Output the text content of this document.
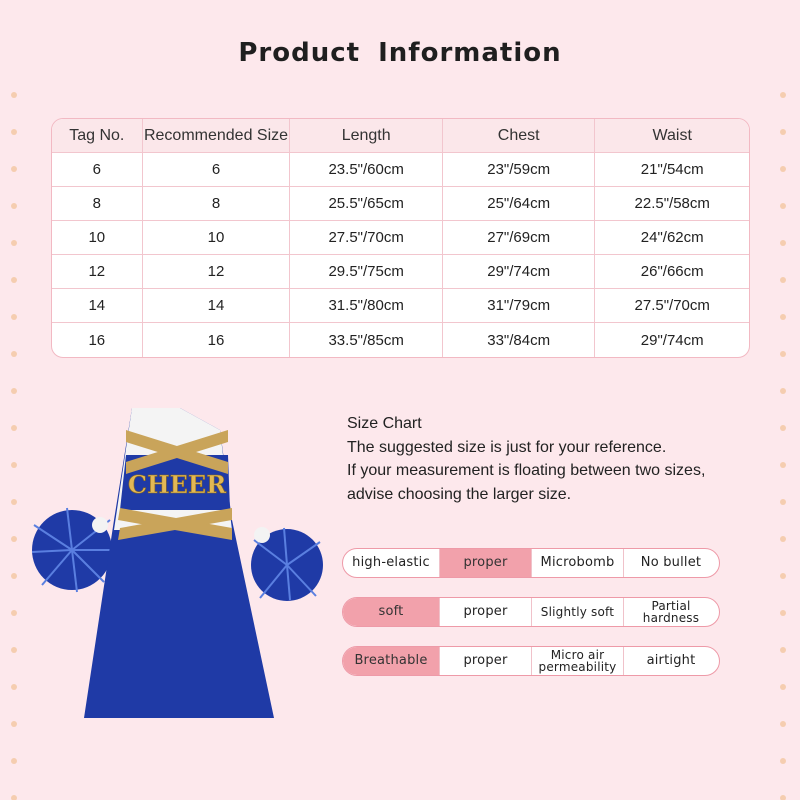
Product Information
Tag No.	Recommended Size	Length	Chest	Waist
6	6	23.5"/60cm	23"/59cm	21"/54cm
8	8	25.5"/65cm	25"/64cm	22.5"/58cm
10	10	27.5"/70cm	27"/69cm	24"/62cm
12	12	29.5"/75cm	29"/74cm	26"/66cm
14	14	31.5"/80cm	31"/79cm	27.5"/70cm
16	16	33.5"/85cm	33"/84cm	29"/74cm
CHEER
Size Chart
The suggested size is just for your reference.
If your measurement is floating between two sizes,
advise choosing the larger size.
high-elastic	proper	Microbomb	No bullet
soft	proper	Slightly soft	Partial hardness
Breathable	proper	Micro air permeability	airtight
